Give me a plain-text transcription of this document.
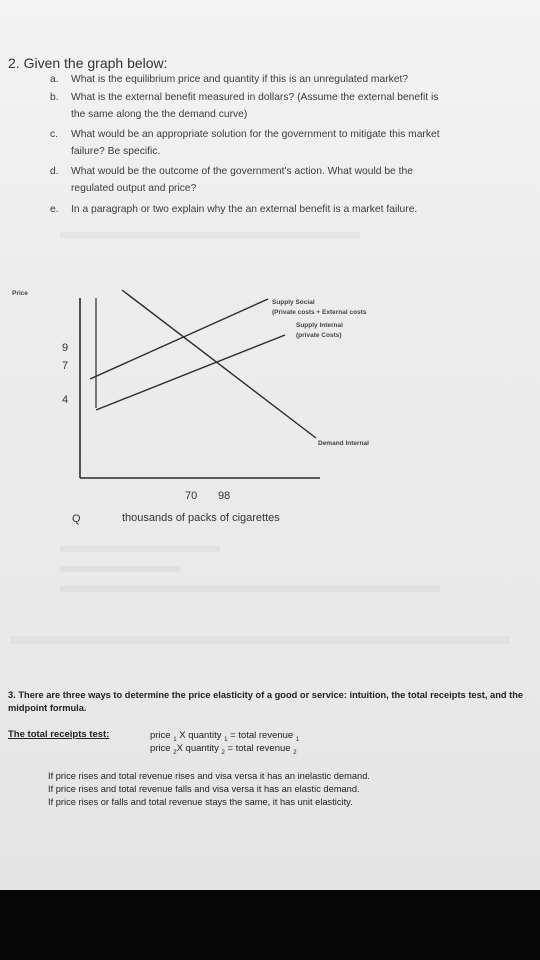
2. Given the graph below:
a.	What is the equilibrium price and quantity if this is an unregulated market?
b.	What is the external benefit measured in dollars? (Assume the external benefit is
the same along the the demand curve)
c.	What would be an appropriate solution for the government to mitigate this market
failure? Be specific.
d.	What would be the outcome of the government's action. What would be the
regulated output and price?
e.	In a paragraph or two explain why the an external benefit is a market failure.
Price
9
7
4
Supply Social
(Private costs + External costs
Supply Internal
(private Costs)
Demand Internal
70 98
Q	thousands of packs of cigarettes
3. There are three ways to determine the price elasticity of a good or service: intuition, the total receipts test, and the midpoint formula.
The total receipts test:	price $_1$ X quantity $_1$ = total revenue $_1$
price $_2$X quantity $_2$ = total revenue $_2$
If price rises and total revenue rises and visa versa it has an inelastic demand.
If price rises and total revenue falls and visa versa it has an elastic demand.
If price rises or falls and total revenue stays the same, it has unit elasticity.
